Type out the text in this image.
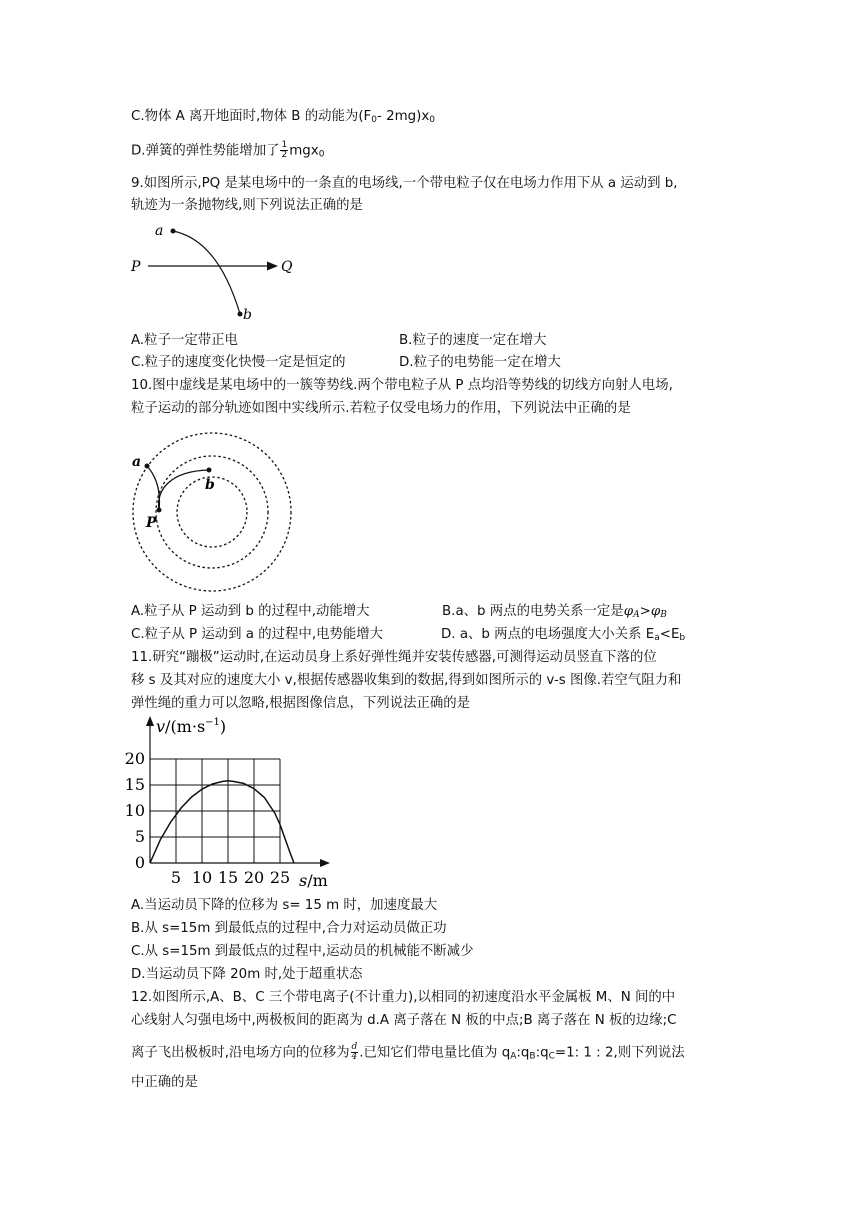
C.物体 A 离开地面时,物体 B 的动能为($F_0-$ $2mg)x_0$
D.弹簧的弹性势能增加了 $\frac{1}{2} mgx_0$
9.如图所示,PQ 是某电场中的一条直的电场线,一个带电粒子仅在电场力作用下从 a 运动到 b,
轨迹为一条抛物线,则下列说法正确的是
a
b
P	Q
A.粒子一定带正电	B.粒子的速度一定在增大
C.粒子的速度变化快慢一定是恒定的	D.粒子的电势能一定在增大
10.图中虚线是某电场中的一簇等势线.两个带电粒子从 P 点均沿等势线的切线方向射人电场,
粒子运动的部分轨迹如图中实线所示.若粒子仅受电场力的作用，下列说法中正确的是
a
b
P
A.粒子从 P 运动到 b 的过程中,动能增大	B.a、b 两点的电势关系一定是$\varphi_A>\varphi_B$
C.粒子从 P 运动到 a 的过程中,电势能增大	D. a、b 两点的电场强度大小关系 $E_a<E_b$
11.研究“蹦极”运动时,在运动员身上系好弹性绳并安装传感器,可测得运动员竖直下落的位
移 s 及其对应的速度大小 v,根据传感器收集到的数据,得到如图所示的 v-s 图像.若空气阻力和
弹性绳的重力可以忽略,根据图像信息，下列说法正确的是
0
5
10
15
20
5 10 15 20 25
$v/(m\cdot s^{-1})$
s/m
A.当运动员下降的位移为 s= 15 m 时，加速度最大
B.从 s=15m 到最低点的过程中,合力对运动员做正功
C.从 s=15m 到最低点的过程中,运动员的机械能不断减少
D.当运动员下降 20m 时,处于超重状态
12.如图所示,A、B、C 三个带电离子(不计重力),以相同的初速度沿水平金属板 M、N 间的中
心线射人匀强电场中,两极板间的距离为 d.A 离子落在 N 板的中点;B 离子落在 N 板的边缘;C
离子飞出极板时,沿电场方向的位移为 $\frac{d}{4}$ .已知它们带电量比值为 $q_A:q_B:q_C=1$: 1 : 2,则下列说法
中正确的是
